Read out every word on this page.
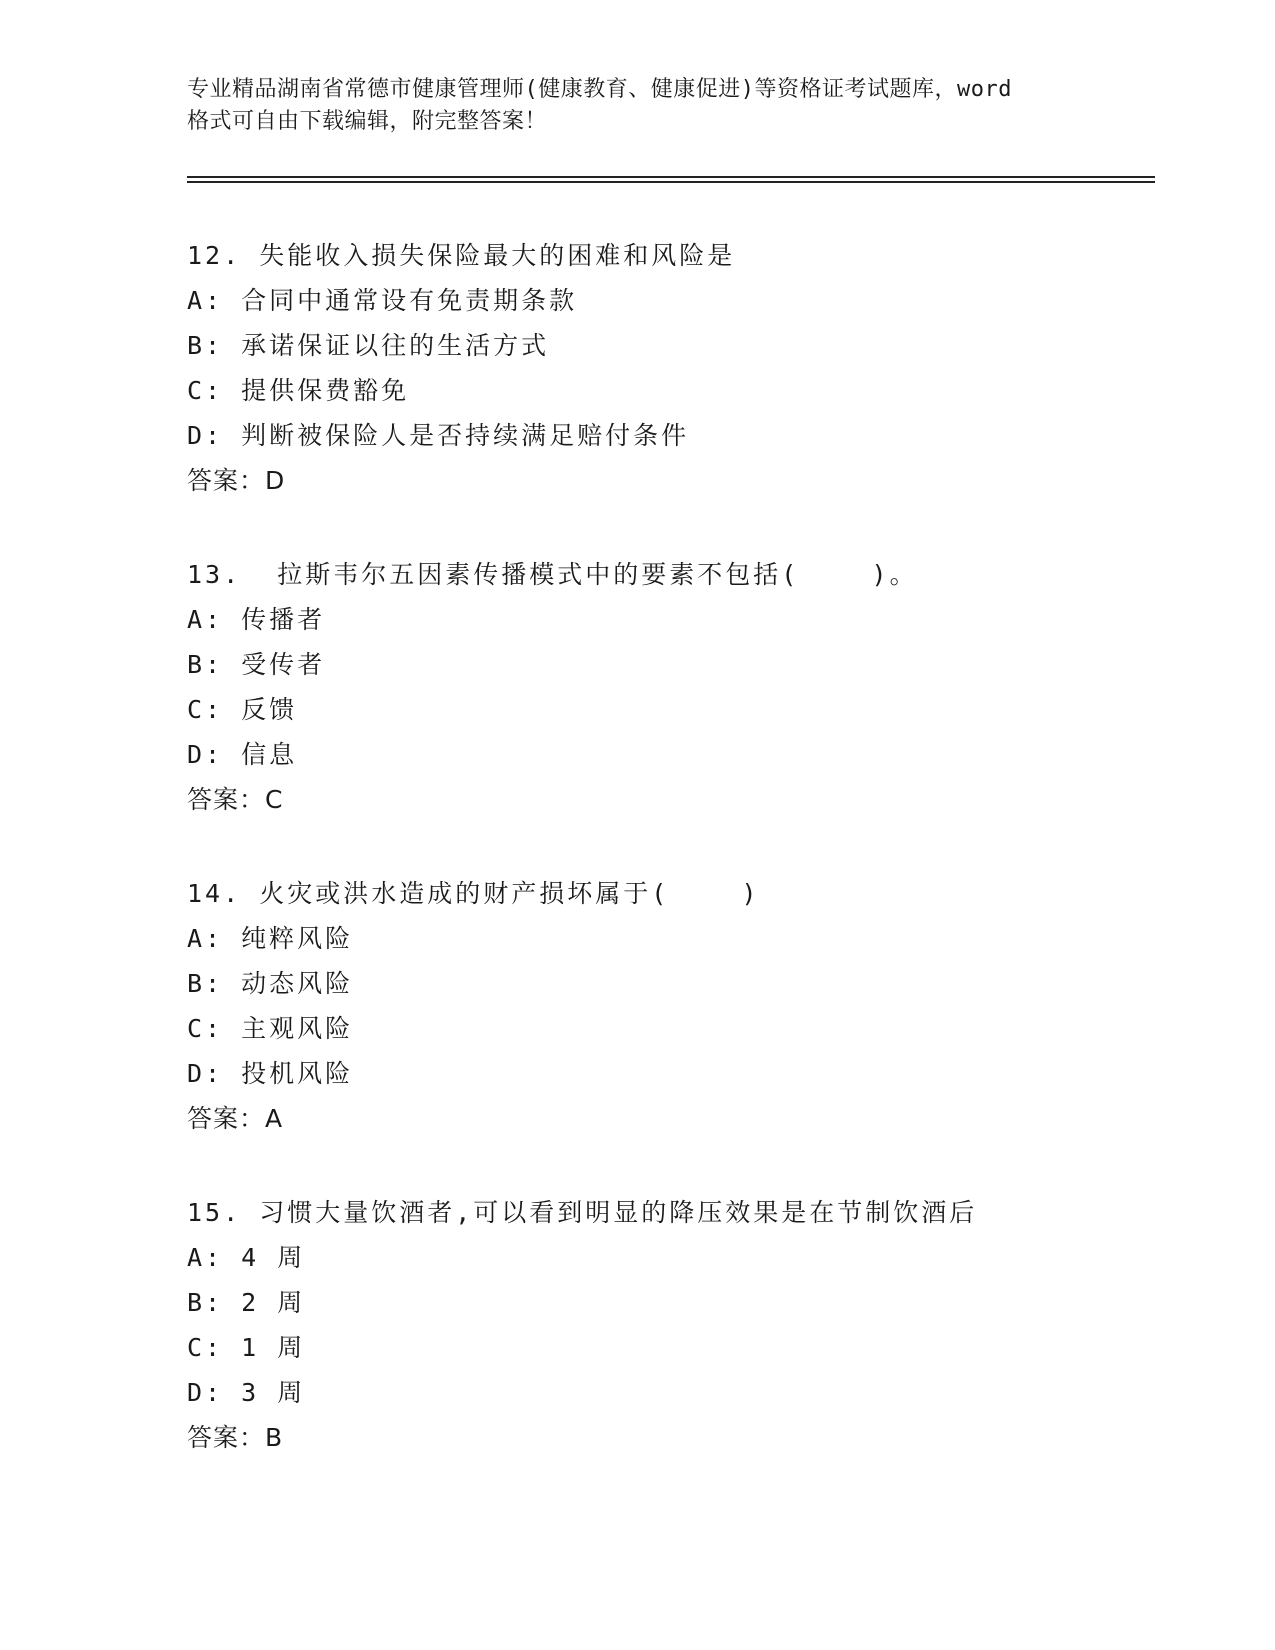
专业精品湖南省常德市健康管理师(健康教育、健康促进)等资格证考试题库，word
格式可自由下载编辑，附完整答案！
12. 失能收入损失保险最大的困难和风险是
A: 合同中通常设有免责期条款
B: 承诺保证以往的生活方式
C: 提供保费豁免
D: 判断被保险人是否持续满足赔付条件
答案：D
13.  拉斯韦尔五因素传播模式中的要素不包括(    )。
A: 传播者
B: 受传者
C: 反馈
D: 信息
答案：C
14. 火灾或洪水造成的财产损坏属于(    )
A: 纯粹风险
B: 动态风险
C: 主观风险
D: 投机风险
答案：A
15. 习惯大量饮酒者,可以看到明显的降压效果是在节制饮酒后
A: 4 周
B: 2 周
C: 1 周
D: 3 周
答案：B
